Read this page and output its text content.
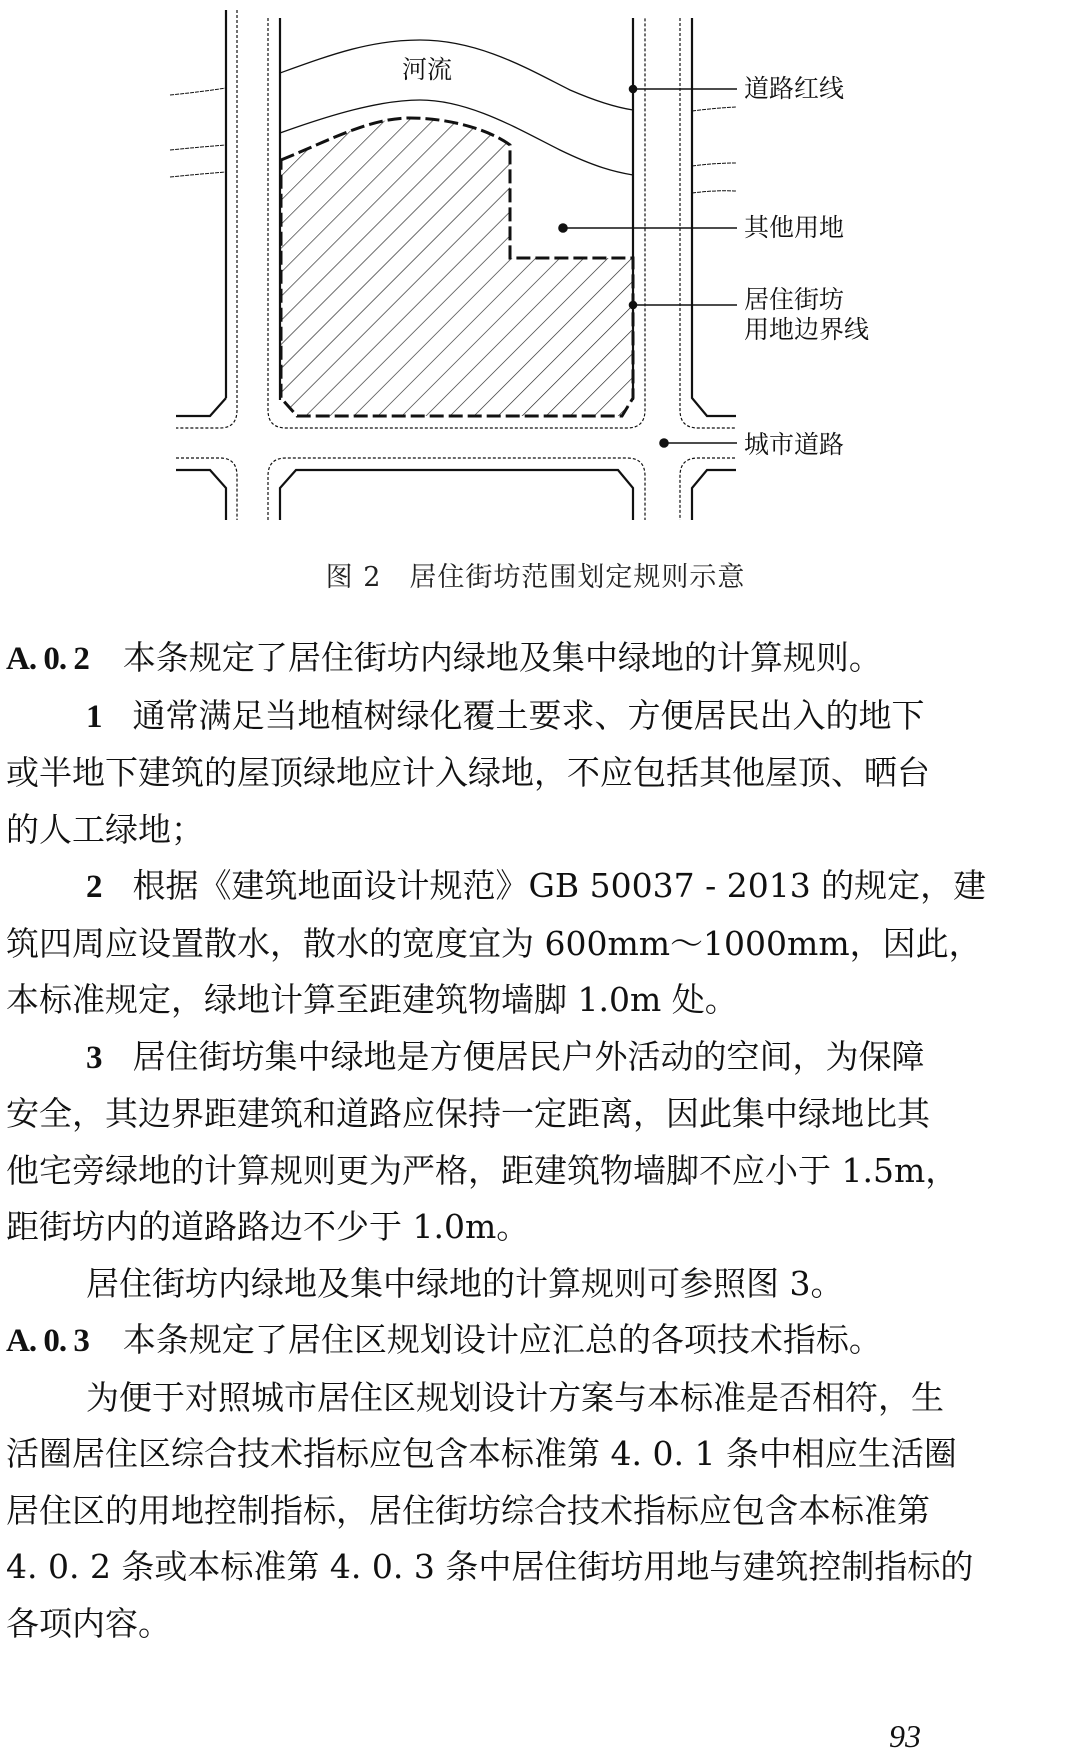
河流
道路红线
其他用地
居住街坊
用地边界线
城市道路
图 2 居住街坊范围划定规则示意

A. 0. 2 本条规定了居住街坊内绿地及集中绿地的计算规则。

1 通常满足当地植树绿化覆土要求、方便居民出入的地下

或半地下建筑的屋顶绿地应计入绿地，不应包括其他屋顶、晒台

的人工绿地；

2 根据《建筑地面设计规范》GB 50037 - 2013 的规定，建

筑四周应设置散水，散水的宽度宜为 600mm～1000mm，因此，

本标准规定，绿地计算至距建筑物墙脚 1.0m 处。

3 居住街坊集中绿地是方便居民户外活动的空间，为保障

安全，其边界距建筑和道路应保持一定距离，因此集中绿地比其

他宅旁绿地的计算规则更为严格，距建筑物墙脚不应小于 1.5m，

距街坊内的道路路边不少于 1.0m。

居住街坊内绿地及集中绿地的计算规则可参照图 3。

A. 0. 3 本条规定了居住区规划设计应汇总的各项技术指标。

为便于对照城市居住区规划设计方案与本标准是否相符，生

活圈居住区综合技术指标应包含本标准第 4. 0. 1 条中相应生活圈

居住区的用地控制指标，居住街坊综合技术指标应包含本标准第

4. 0. 2 条或本标准第 4. 0. 3 条中居住街坊用地与建筑控制指标的

各项内容。

93
